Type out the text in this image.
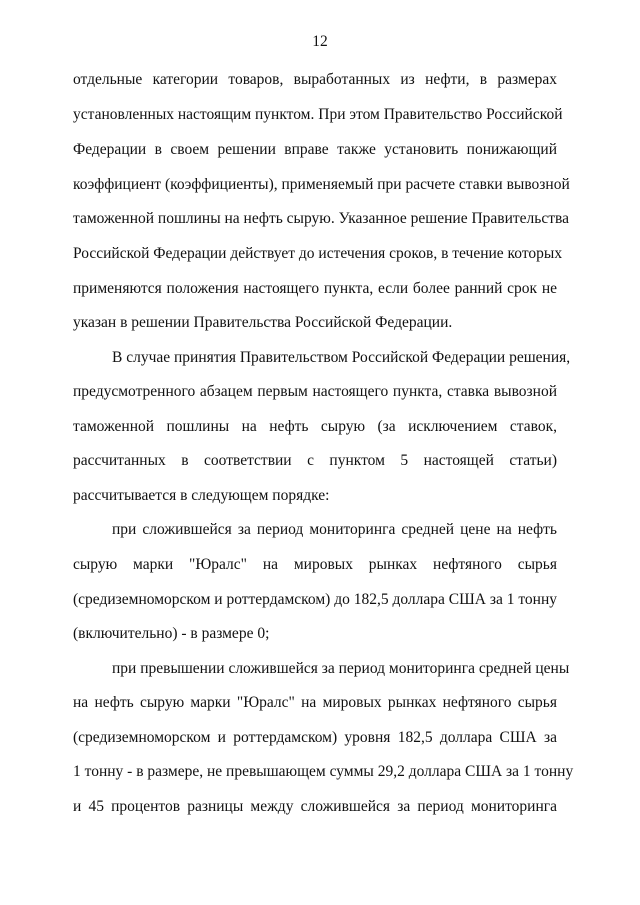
12
отдельные категории товаров, выработанных из нефти, в размерах
установленных настоящим пунктом. При этом Правительство Российской
Федерации в своем решении вправе также установить понижающий
коэффициент (коэффициенты), применяемый при расчете ставки вывозной
таможенной пошлины на нефть сырую. Указанное решение Правительства
Российской Федерации действует до истечения сроков, в течение которых
применяются положения настоящего пункта, если более ранний срок не
указан в решении Правительства Российской Федерации.
В случае принятия Правительством Российской Федерации решения,
предусмотренного абзацем первым настоящего пункта, ставка вывозной
таможенной пошлины на нефть сырую (за исключением ставок,
рассчитанных в соответствии с пунктом 5 настоящей статьи)
рассчитывается в следующем порядке:
при сложившейся за период мониторинга средней цене на нефть
сырую марки "Юралс" на мировых рынках нефтяного сырья
(средиземноморском и роттердамском) до 182,5 доллара США за 1 тонну
(включительно) - в размере 0;
при превышении сложившейся за период мониторинга средней цены
на нефть сырую марки "Юралс" на мировых рынках нефтяного сырья
(средиземноморском и роттердамском) уровня 182,5 доллара США за
1 тонну - в размере, не превышающем суммы 29,2 доллара США за 1 тонну
и 45 процентов разницы между сложившейся за период мониторинга
